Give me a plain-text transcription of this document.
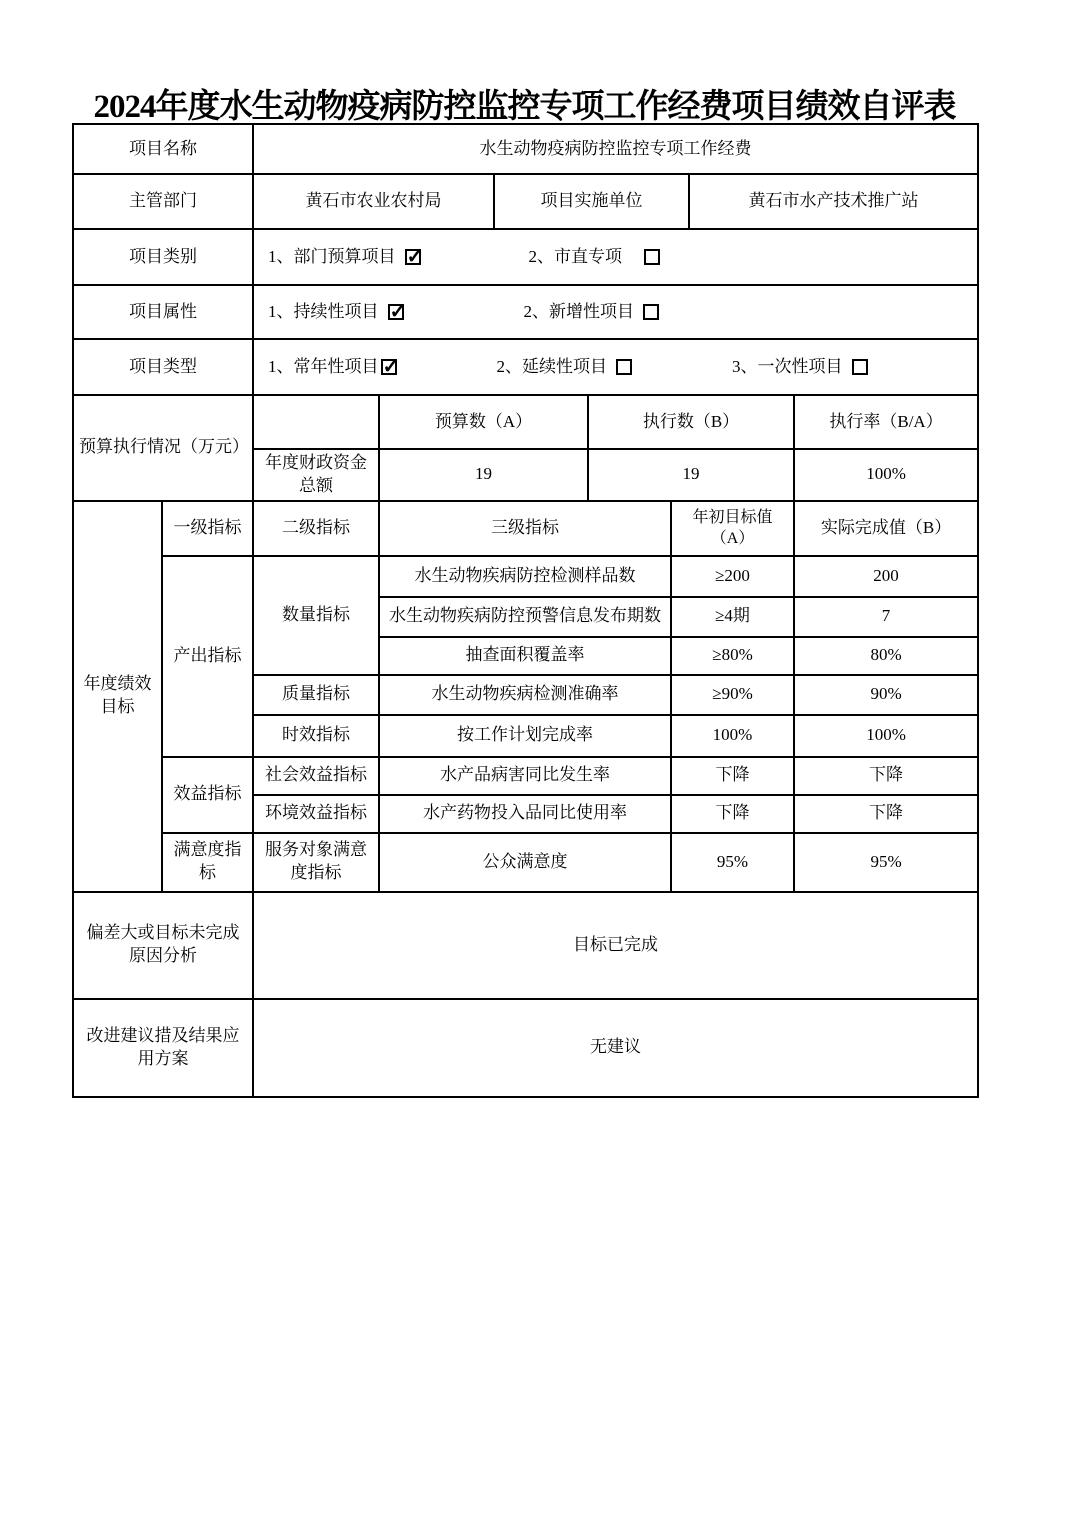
2024年度水生动物疫病防控监控专项工作经费项目绩效自评表
项目名称		水生动物疫病防控监控专项工作经费						
主管部门		黄石市农业农村局		项目实施单位			黄石市水产技术推广站	
项目类别		1、部门预算项目 ✓ 2、市直专项

项目属性		1、持续性项目 ✓ 2、新增性项目

项目类型		1、常年性项目 ✓ 2、延续性项目 3、一次性项目

预算执行情况（万元）			预算数（A）		执行数（B）			执行率（B/A）
		年度财政资金总额	19		19			100%
年度绩效目标	一级指标	二级指标	三级指标			年初目标值（A）		实际完成值（B）
	产出指标	数量指标	水生动物疾病防控检测样品数			≥200		200
			水生动物疾病防控预警信息发布期数			≥4期		7
			抽查面积覆盖率			≥80%		80%
		质量指标	水生动物疾病检测准确率			≥90%		90%
		时效指标	按工作计划完成率			100%		100%
	效益指标	社会效益指标	水产品病害同比发生率			下降		下降
		环境效益指标	水产药物投入品同比使用率			下降		下降
	满意度指标	服务对象满意度指标	公众满意度			95%		95%
偏差大或目标未完成原因分析		目标已完成						
改进建议措及结果应用方案		无建议						
